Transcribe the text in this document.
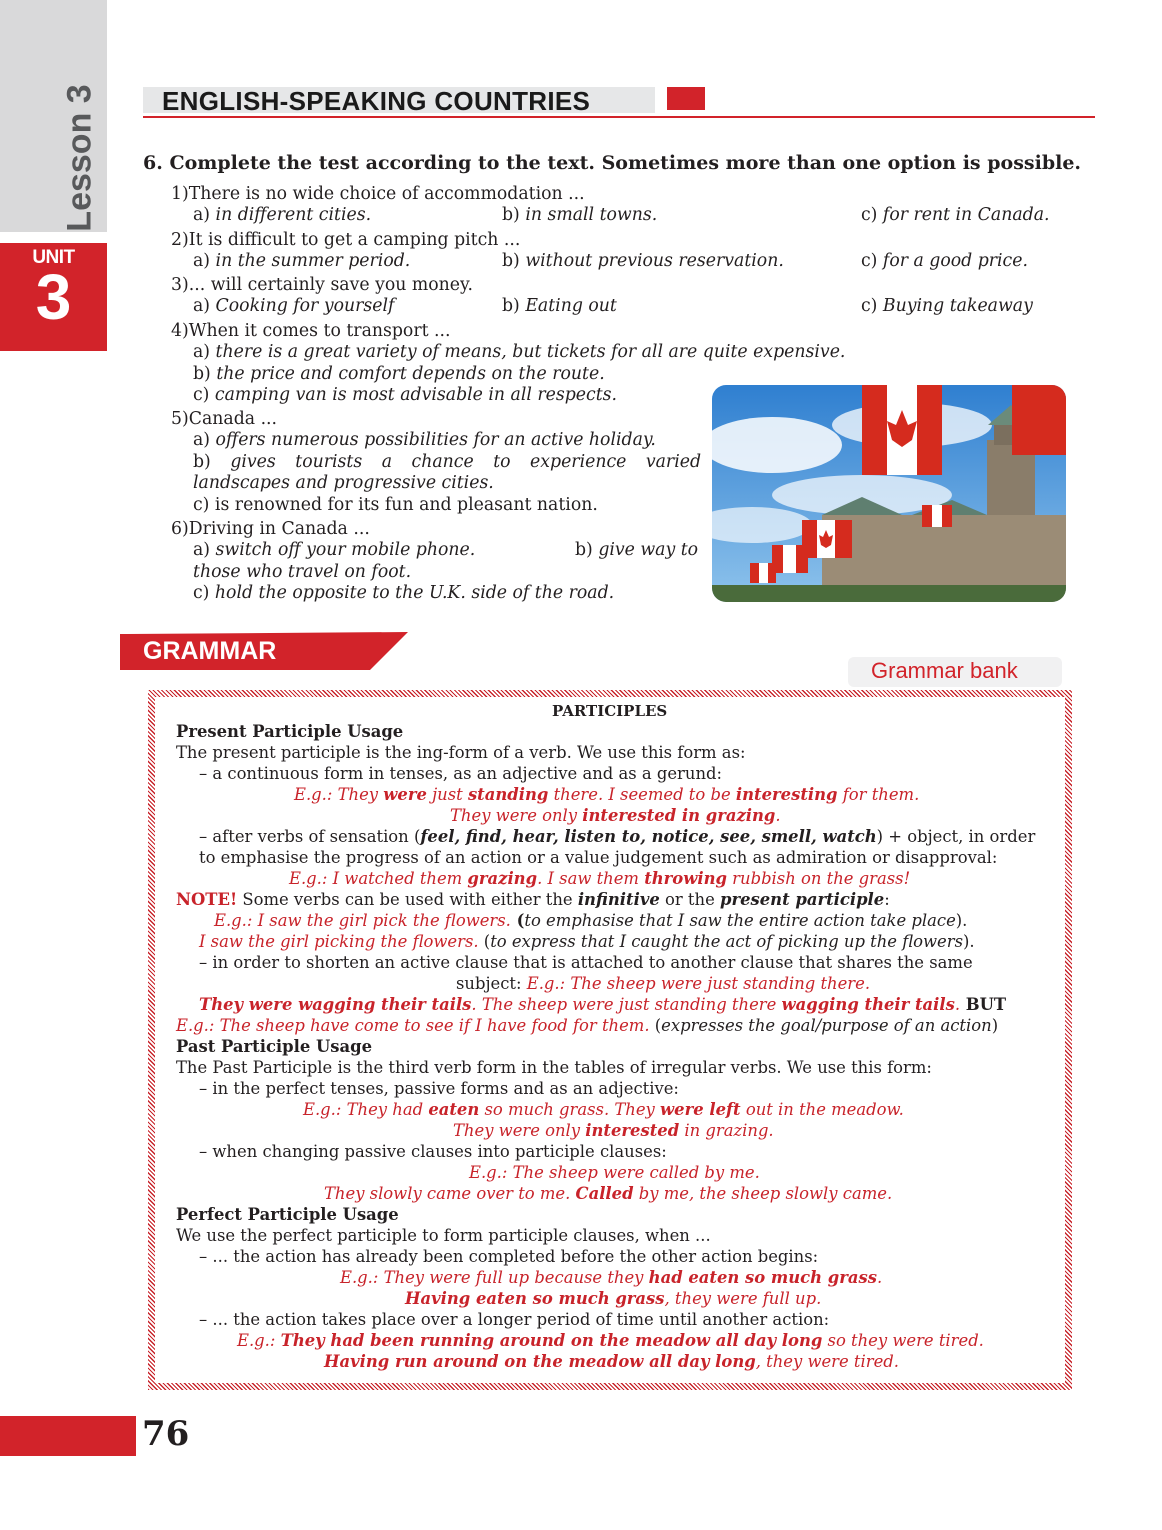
Lesson 3
UNIT
3
ENGLISH-SPEAKING COUNTRIES
6. Complete the test according to the text. Sometimes more than one option is possible.
1)There is no wide choice of accommodation ...
a) in different cities.	b) in small towns.	c) for rent in Canada.
2)It is difficult to get a camping pitch ...
a) in the summer period.	b) without previous reservation.	c) for a good price.
3)... will certainly save you money.
a) Cooking for yourself	b) Eating out	c) Buying takeaway
4)When it comes to transport ...
a) there is a great variety of means, but tickets for all are quite expensive.
b) the price and comfort depends on the route.
c) camping van is most advisable in all respects.
5)Canada ...
a) offers numerous possibilities for an active holiday.
b) gives tourists a chance to experience varied
landscapes and progressive cities.
c) is renowned for its fun and pleasant nation.
6)Driving in Canada ...
a) switch off your mobile phone.	b) give way to
those who travel on foot.
c) hold the opposite to the U.K. side of the road.
GRAMMAR
Grammar bank
PARTICIPLES
Present Participle Usage
The present participle is the ing-form of a verb. We use this form as:
– a continuous form in tenses, as an adjective and as a gerund:
E.g.: They were just standing there. I seemed to be interesting for them.
They were only interested in grazing.
– after verbs of sensation (feel, find, hear, listen to, notice, see, smell, watch) + object, in order
to emphasise the progress of an action or a value judgement such as admiration or disapproval:
E.g.: I watched them grazing. I saw them throwing rubbish on the grass!
NOTE! Some verbs can be used with either the infinitive or the present participle:
E.g.: I saw the girl pick the flowers. (to emphasise that I saw the entire action take place).
I saw the girl picking the flowers. (to express that I caught the act of picking up the flowers).
– in order to shorten an active clause that is attached to another clause that shares the same
subject: E.g.: The sheep were just standing there.
They were wagging their tails. The sheep were just standing there wagging their tails. BUT
E.g.: The sheep have come to see if I have food for them. (expresses the goal/purpose of an action)
Past Participle Usage
The Past Participle is the third verb form in the tables of irregular verbs. We use this form:
– in the perfect tenses, passive forms and as an adjective:
E.g.: They had eaten so much grass. They were left out in the meadow.
They were only interested in grazing.
– when changing passive clauses into participle clauses:
E.g.: The sheep were called by me.
They slowly came over to me. Called by me, the sheep slowly came.
Perfect Participle Usage
We use the perfect participle to form participle clauses, when ...
– ... the action has already been completed before the other action begins:
E.g.: They were full up because they had eaten so much grass.
Having eaten so much grass, they were full up.
– ... the action takes place over a longer period of time until another action:
E.g.: They had been running around on the meadow all day long so they were tired.
Having run around on the meadow all day long, they were tired.
76
